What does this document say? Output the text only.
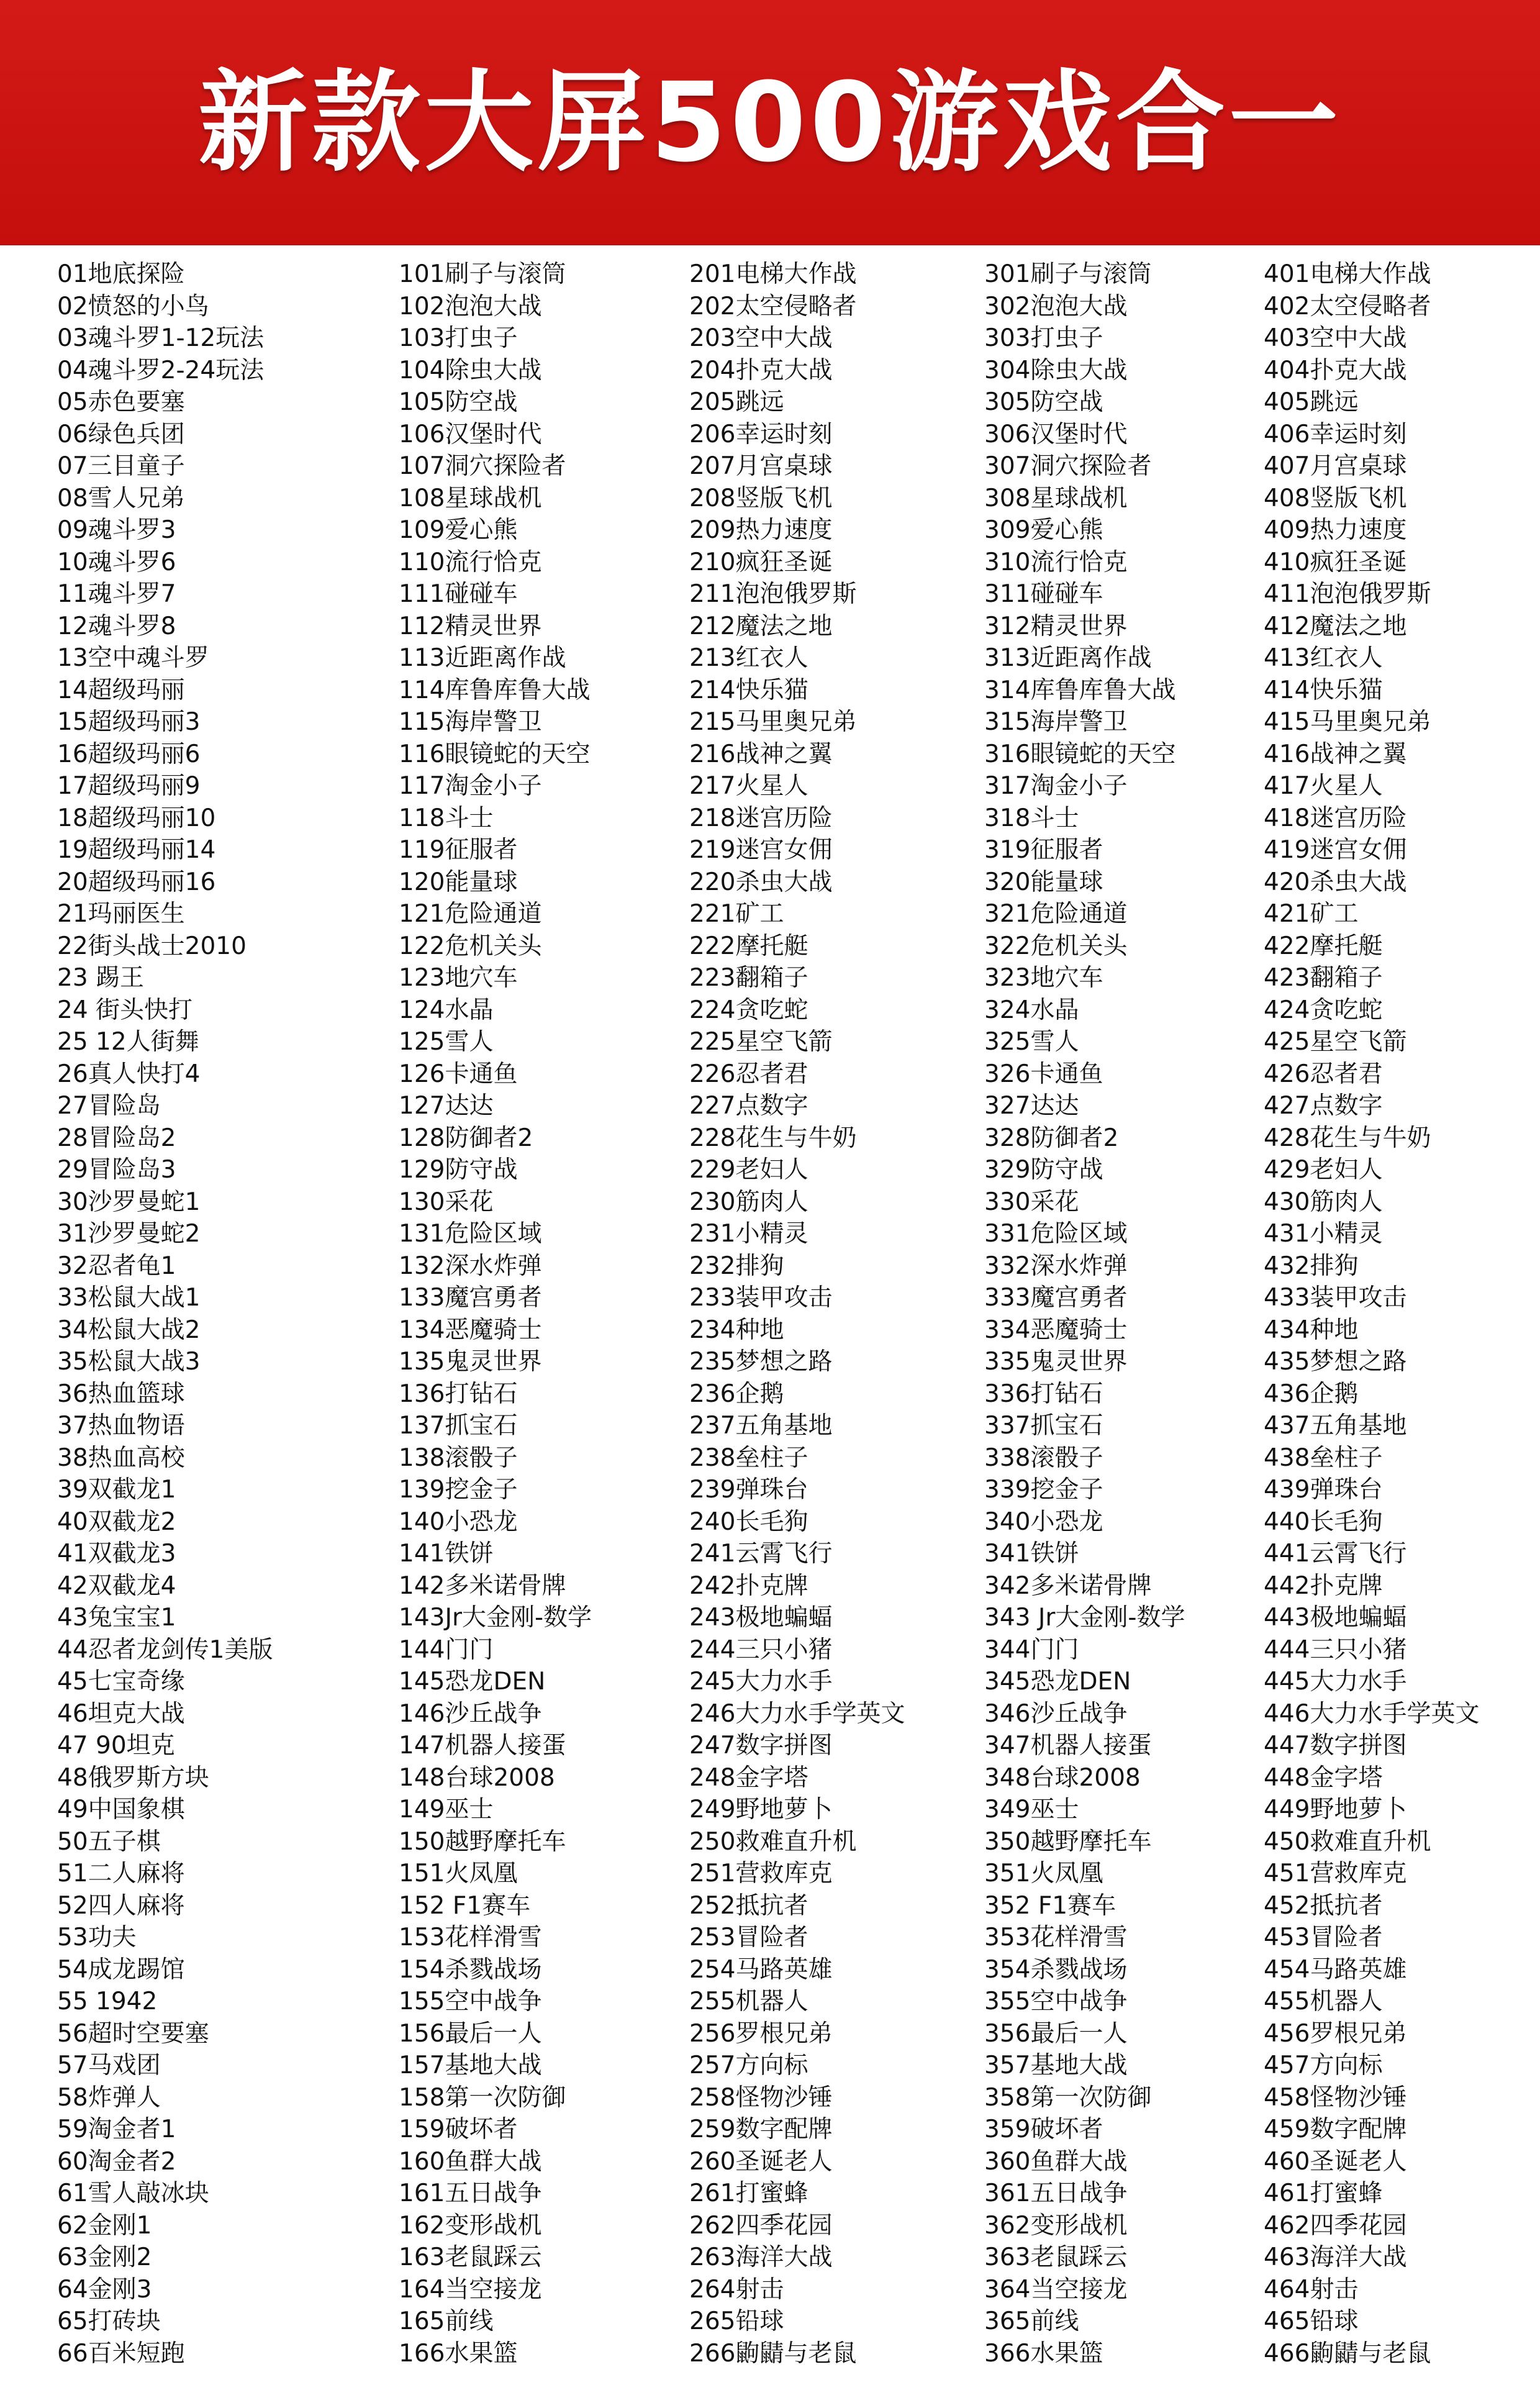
新款大屏500游戏合一
01地底探险
02愤怒的小鸟
03魂斗罗1-12玩法
04魂斗罗2-24玩法
05赤色要塞
06绿色兵团
07三目童子
08雪人兄弟
09魂斗罗3
10魂斗罗6
11魂斗罗7
12魂斗罗8
13空中魂斗罗
14超级玛丽
15超级玛丽3
16超级玛丽6
17超级玛丽9
18超级玛丽10
19超级玛丽14
20超级玛丽16
21玛丽医生
22街头战士2010
23 踢王
24 街头快打
25 12人街舞
26真人快打4
27冒险岛
28冒险岛2
29冒险岛3
30沙罗曼蛇1
31沙罗曼蛇2
32忍者龟1
33松鼠大战1
34松鼠大战2
35松鼠大战3
36热血篮球
37热血物语
38热血高校
39双截龙1
40双截龙2
41双截龙3
42双截龙4
43兔宝宝1
44忍者龙剑传1美版
45七宝奇缘
46坦克大战
47 90坦克
48俄罗斯方块
49中国象棋
50五子棋
51二人麻将
52四人麻将
53功夫
54成龙踢馆
55 1942
56超时空要塞
57马戏团
58炸弹人
59淘金者1
60淘金者2
61雪人敲冰块
62金刚1
63金刚2
64金刚3
65打砖块
66百米短跑
101刷子与滚筒
102泡泡大战
103打虫子
104除虫大战
105防空战
106汉堡时代
107洞穴探险者
108星球战机
109爱心熊
110流行恰克
111碰碰车
112精灵世界
113近距离作战
114库鲁库鲁大战
115海岸警卫
116眼镜蛇的天空
117淘金小子
118斗士
119征服者
120能量球
121危险通道
122危机关头
123地穴车
124水晶
125雪人
126卡通鱼
127达达
128防御者2
129防守战
130采花
131危险区域
132深水炸弹
133魔宫勇者
134恶魔骑士
135鬼灵世界
136打钻石
137抓宝石
138滚骰子
139挖金子
140小恐龙
141铁饼
142多米诺骨牌
143Jr大金刚-数学
144门门
145恐龙DEN
146沙丘战争
147机器人接蛋
148台球2008
149巫士
150越野摩托车
151火凤凰
152 F1赛车
153花样滑雪
154杀戮战场
155空中战争
156最后一人
157基地大战
158第一次防御
159破坏者
160鱼群大战
161五日战争
162变形战机
163老鼠踩云
164当空接龙
165前线
166水果篮
201电梯大作战
202太空侵略者
203空中大战
204扑克大战
205跳远
206幸运时刻
207月宫桌球
208竖版飞机
209热力速度
210疯狂圣诞
211泡泡俄罗斯
212魔法之地
213红衣人
214快乐猫
215马里奥兄弟
216战神之翼
217火星人
218迷宫历险
219迷宫女佣
220杀虫大战
221矿工
222摩托艇
223翻箱子
224贪吃蛇
225星空飞箭
226忍者君
227点数字
228花生与牛奶
229老妇人
230筋肉人
231小精灵
232排狗
233装甲攻击
234种地
235梦想之路
236企鹅
237五角基地
238垒柱子
239弹珠台
240长毛狗
241云霄飞行
242扑克牌
243极地蝙蝠
244三只小猪
245大力水手
246大力水手学英文
247数字拼图
248金字塔
249野地萝卜
250救难直升机
251营救库克
252抵抗者
253冒险者
254马路英雄
255机器人
256罗根兄弟
257方向标
258怪物沙锤
259数字配牌
260圣诞老人
261打蜜蜂
262四季花园
263海洋大战
264射击
265铅球
266鼩鼱与老鼠
301刷子与滚筒
302泡泡大战
303打虫子
304除虫大战
305防空战
306汉堡时代
307洞穴探险者
308星球战机
309爱心熊
310流行恰克
311碰碰车
312精灵世界
313近距离作战
314库鲁库鲁大战
315海岸警卫
316眼镜蛇的天空
317淘金小子
318斗士
319征服者
320能量球
321危险通道
322危机关头
323地穴车
324水晶
325雪人
326卡通鱼
327达达
328防御者2
329防守战
330采花
331危险区域
332深水炸弹
333魔宫勇者
334恶魔骑士
335鬼灵世界
336打钻石
337抓宝石
338滚骰子
339挖金子
340小恐龙
341铁饼
342多米诺骨牌
343 Jr大金刚-数学
344门门
345恐龙DEN
346沙丘战争
347机器人接蛋
348台球2008
349巫士
350越野摩托车
351火凤凰
352 F1赛车
353花样滑雪
354杀戮战场
355空中战争
356最后一人
357基地大战
358第一次防御
359破坏者
360鱼群大战
361五日战争
362变形战机
363老鼠踩云
364当空接龙
365前线
366水果篮
401电梯大作战
402太空侵略者
403空中大战
404扑克大战
405跳远
406幸运时刻
407月宫桌球
408竖版飞机
409热力速度
410疯狂圣诞
411泡泡俄罗斯
412魔法之地
413红衣人
414快乐猫
415马里奥兄弟
416战神之翼
417火星人
418迷宫历险
419迷宫女佣
420杀虫大战
421矿工
422摩托艇
423翻箱子
424贪吃蛇
425星空飞箭
426忍者君
427点数字
428花生与牛奶
429老妇人
430筋肉人
431小精灵
432排狗
433装甲攻击
434种地
435梦想之路
436企鹅
437五角基地
438垒柱子
439弹珠台
440长毛狗
441云霄飞行
442扑克牌
443极地蝙蝠
444三只小猪
445大力水手
446大力水手学英文
447数字拼图
448金字塔
449野地萝卜
450救难直升机
451营救库克
452抵抗者
453冒险者
454马路英雄
455机器人
456罗根兄弟
457方向标
458怪物沙锤
459数字配牌
460圣诞老人
461打蜜蜂
462四季花园
463海洋大战
464射击
465铅球
466鼩鼱与老鼠
